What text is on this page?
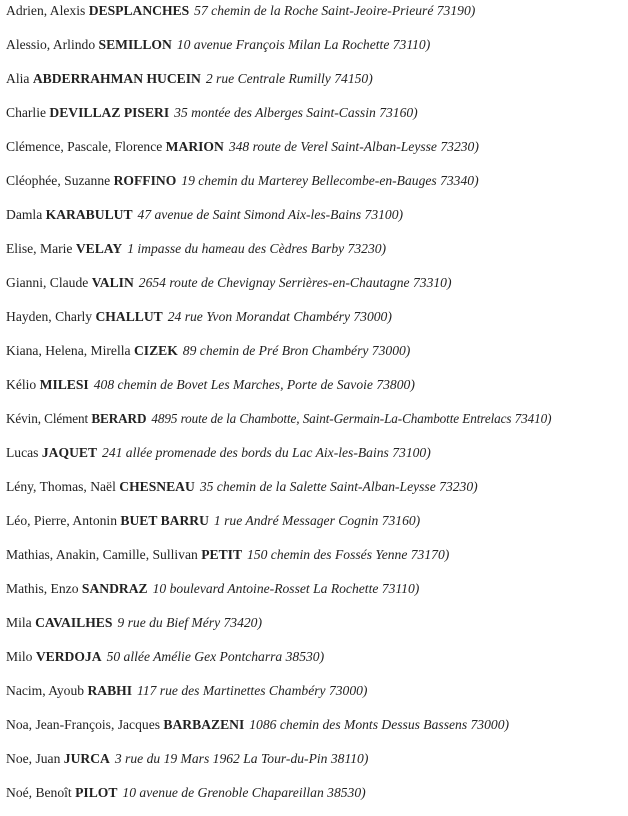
Adrien, Alexis DESPLANCHES 57 chemin de la Roche Saint-Jeoire-Prieuré 73190)
Alessio, Arlindo SEMILLON 10 avenue François Milan La Rochette 73110)
Alia ABDERRAHMAN HUCEIN 2 rue Centrale Rumilly 74150)
Charlie DEVILLAZ PISERI 35 montée des Alberges Saint-Cassin 73160)
Clémence, Pascale, Florence MARION 348 route de Verel Saint-Alban-Leysse 73230)
Cléophée, Suzanne ROFFINO 19 chemin du Marterey Bellecombe-en-Bauges 73340)
Damla KARABULUT 47 avenue de Saint Simond Aix-les-Bains 73100)
Elise, Marie VELAY 1 impasse du hameau des Cèdres Barby 73230)
Gianni, Claude VALIN 2654 route de Chevignay Serrières-en-Chautagne 73310)
Hayden, Charly CHALLUT 24 rue Yvon Morandat Chambéry 73000)
Kiana, Helena, Mirella CIZEK 89 chemin de Pré Bron Chambéry 73000)
Kélio MILESI 408 chemin de Bovet Les Marches, Porte de Savoie 73800)
Kévin, Clément BERARD 4895 route de la Chambotte, Saint-Germain-La-Chambotte Entrelacs 73410)
Lucas JAQUET 241 allée promenade des bords du Lac Aix-les-Bains 73100)
Lény, Thomas, Naël CHESNEAU 35 chemin de la Salette Saint-Alban-Leysse 73230)
Léo, Pierre, Antonin BUET BARRU 1 rue André Messager Cognin 73160)
Mathias, Anakin, Camille, Sullivan PETIT 150 chemin des Fossés Yenne 73170)
Mathis, Enzo SANDRAZ 10 boulevard Antoine-Rosset La Rochette 73110)
Mila CAVAILHES 9 rue du Bief Méry 73420)
Milo VERDOJA 50 allée Amélie Gex Pontcharra 38530)
Nacim, Ayoub RABHI 117 rue des Martinettes Chambéry 73000)
Noa, Jean-François, Jacques BARBAZENI 1086 chemin des Monts Dessus Bassens 73000)
Noe, Juan JURCA 3 rue du 19 Mars 1962 La Tour-du-Pin 38110)
Noé, Benoît PILOT 10 avenue de Grenoble Chapareillan 38530)
